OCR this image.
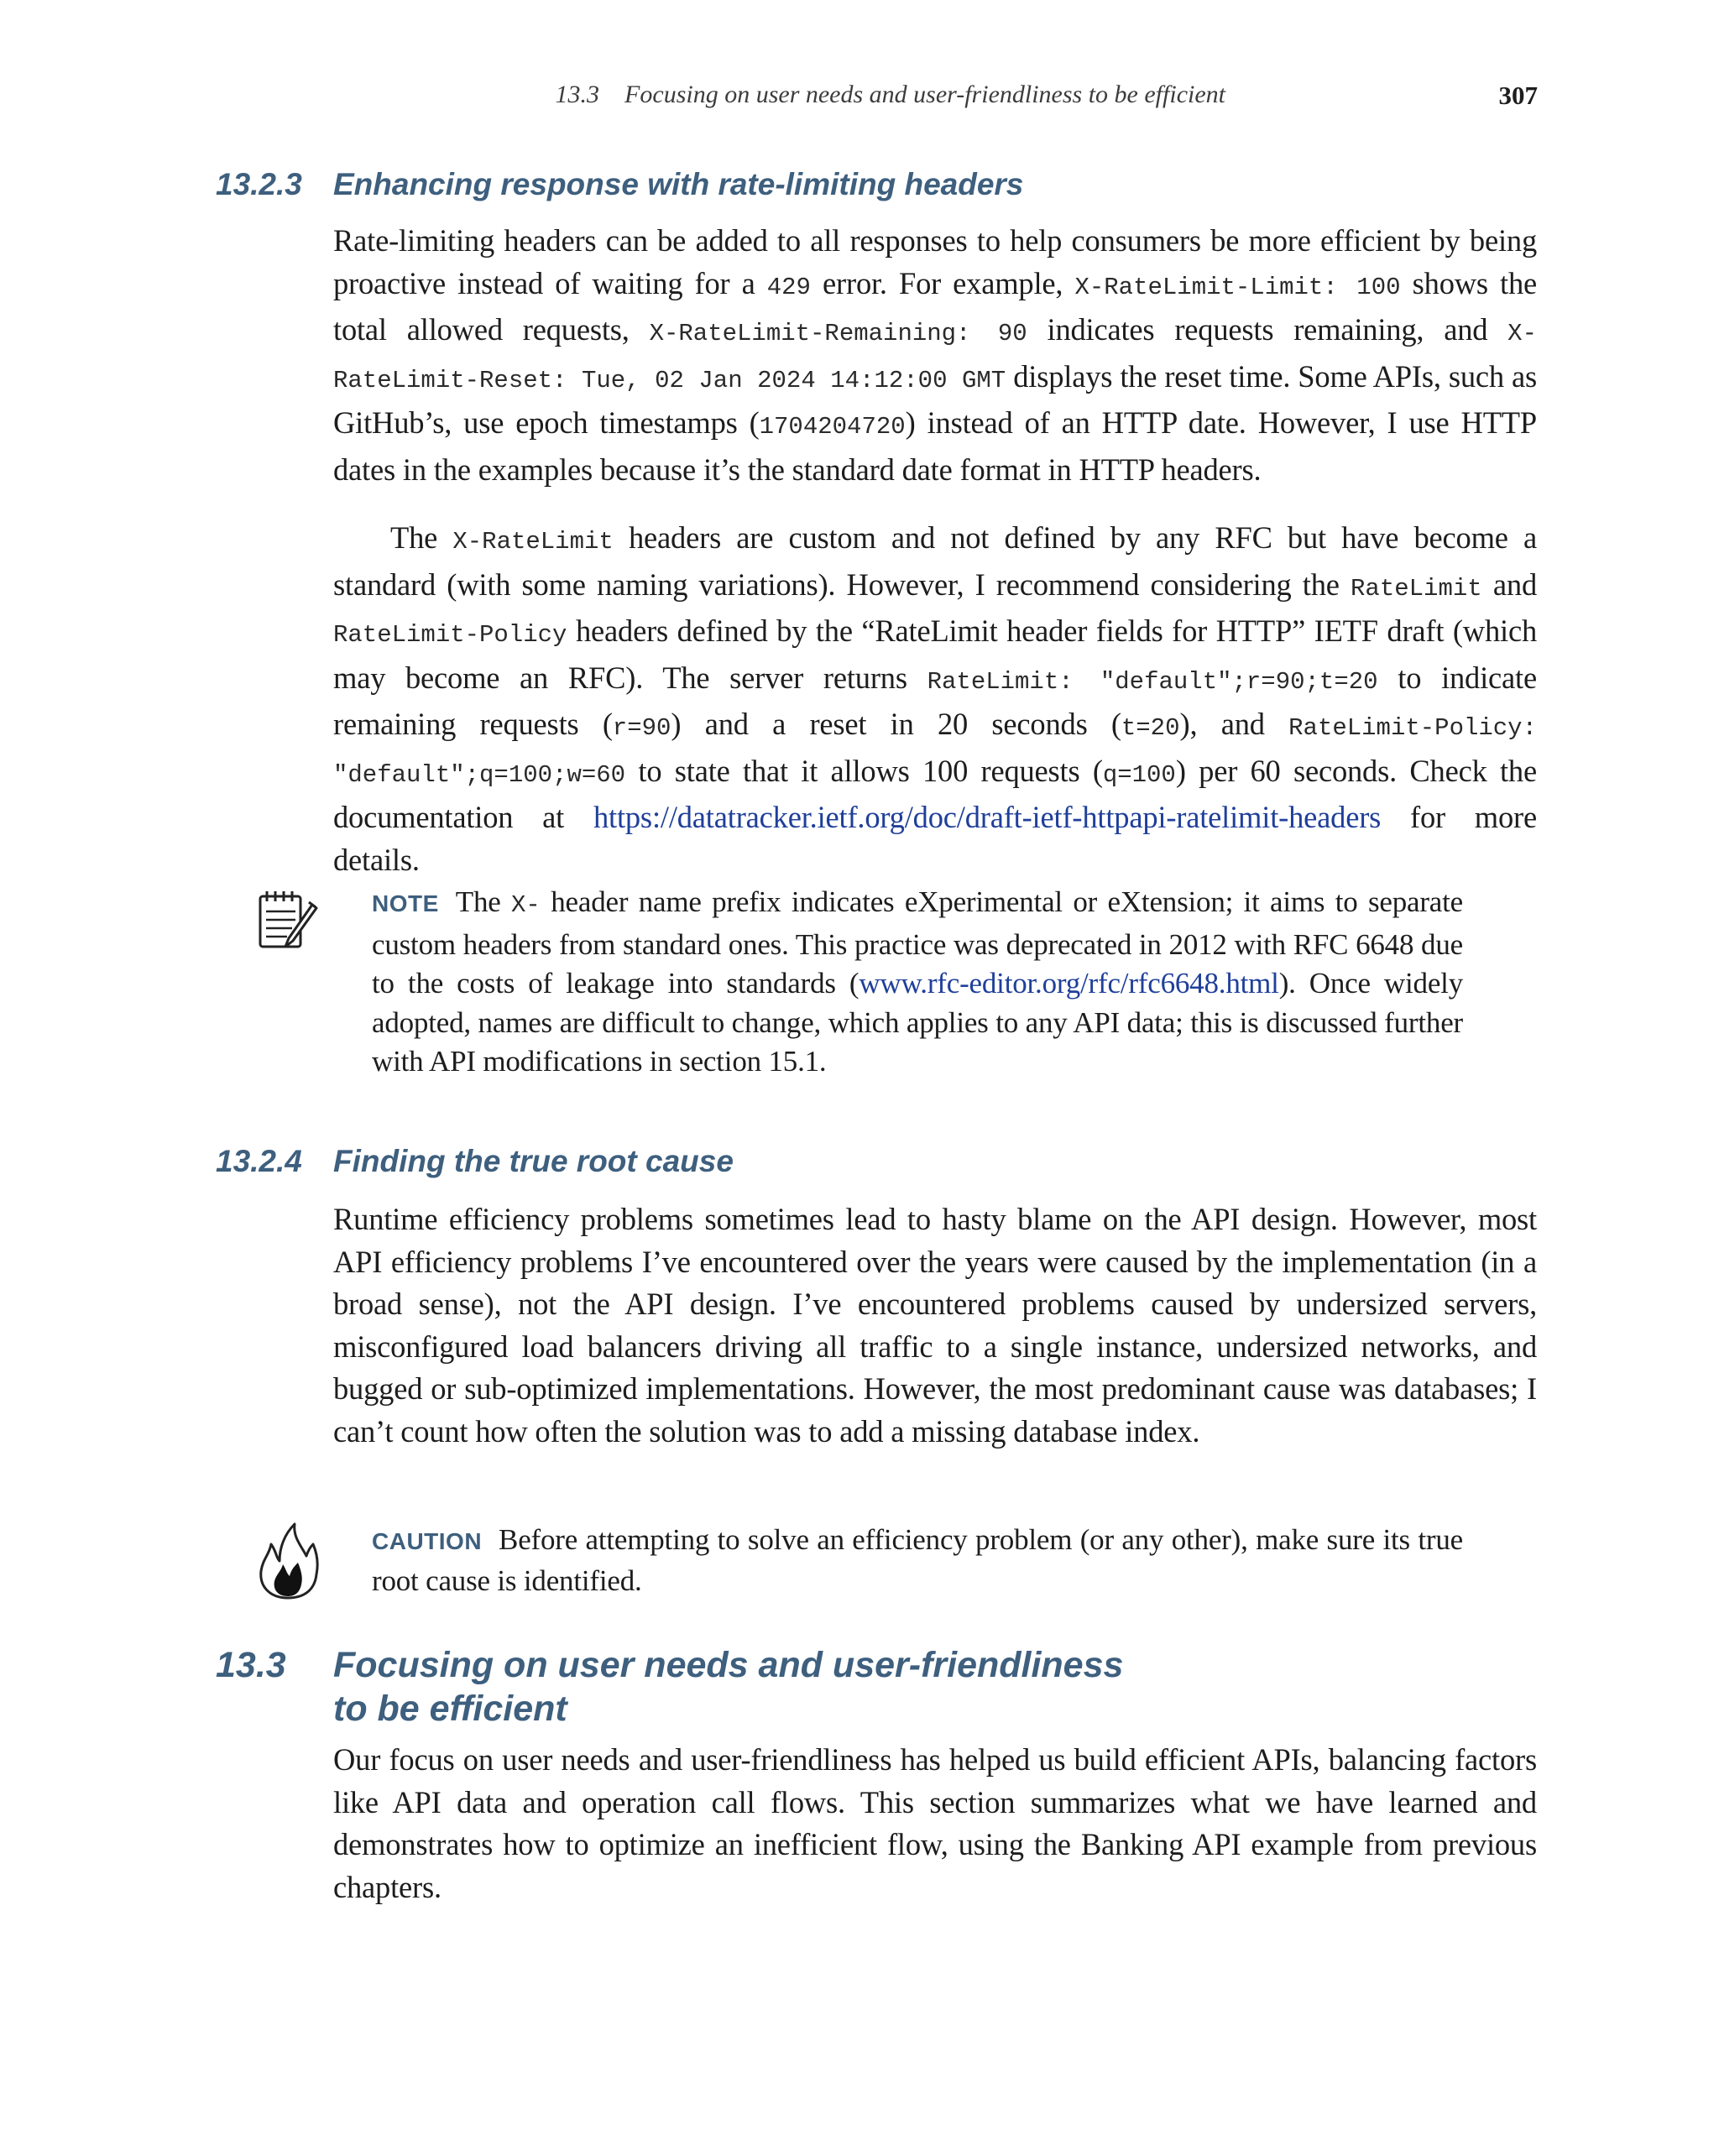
13.3    Focusing on user needs and user-friendliness to be efficient	307
13.2.3 Enhancing response with rate-limiting headers

Rate-limiting headers can be added to all responses to help consumers be more efficient by being proactive instead of waiting for a 429 error. For example, X-RateLimit-Limit: 100 shows the total allowed requests, X-RateLimit-Remaining: 90 indicates requests remaining, and X-RateLimit-Reset: Tue, 02 Jan 2024 14:12:00 GMT displays the reset time. Some APIs, such as GitHub’s, use epoch timestamps (1704204720) instead of an HTTP date. However, I use HTTP dates in the examples because it’s the standard date format in HTTP headers.

The X-RateLimit headers are custom and not defined by any RFC but have become a standard (with some naming variations). However, I recommend considering the RateLimit and RateLimit-Policy headers defined by the “RateLimit header fields for HTTP” IETF draft (which may become an RFC). The server returns RateLimit: "default";r=90;t=20 to indicate remaining requests (r=90) and a reset in 20 seconds (t=20), and RateLimit-Policy: "default";q=100;w=60 to state that it allows 100 requests (q=100) per 60 seconds. Check the documentation at https://datatracker.ietf.org/doc/draft-ietf-httpapi-ratelimit-headers for more details.

NOTE The X- header name prefix indicates eXperimental or eXtension; it aims to separate custom headers from standard ones. This practice was deprecated in 2012 with RFC 6648 due to the costs of leakage into standards (www.rfc-editor.org/rfc/rfc6648.html). Once widely adopted, names are difficult to change, which applies to any API data; this is discussed further with API modifications in section 15.1.

13.2.4 Finding the true root cause

Runtime efficiency problems sometimes lead to hasty blame on the API design. However, most API efficiency problems I’ve encountered over the years were caused by the implementation (in a broad sense), not the API design. I’ve encountered problems caused by undersized servers, misconfigured load balancers driving all traffic to a single instance, undersized networks, and bugged or sub-optimized implementations. However, the most predominant cause was databases; I can’t count how often the solution was to add a missing database index.

CAUTION Before attempting to solve an efficiency problem (or any other), make sure its true root cause is identified.

13.3 Focusing on user needs and user-friendliness
to be efficient

Our focus on user needs and user-friendliness has helped us build efficient APIs, balancing factors like API data and operation call flows. This section summarizes what we have learned and demonstrates how to optimize an inefficient flow, using the Banking API example from previous chapters.
